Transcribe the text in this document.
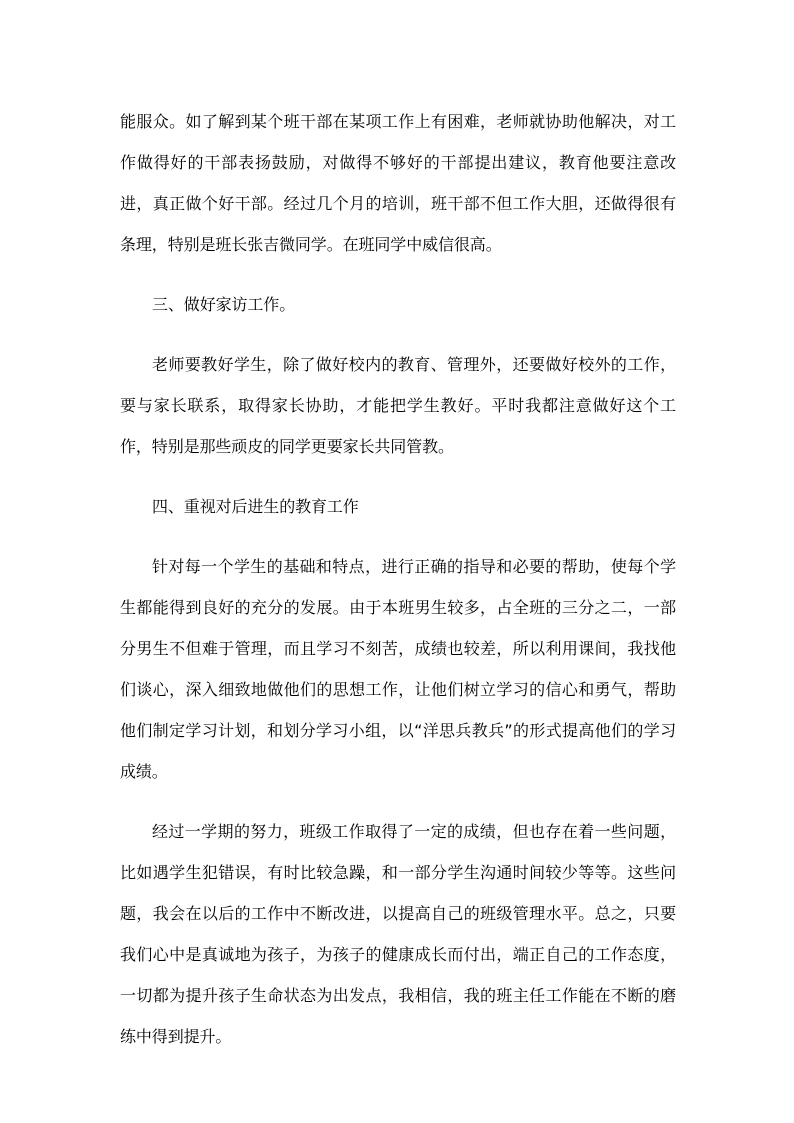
能服众。如了解到某个班干部在某项工作上有困难，老师就协助他解决，对工作做得好的干部表扬鼓励，对做得不够好的干部提出建议，教育他要注意改进，真正做个好干部。经过几个月的培训，班干部不但工作大胆，还做得很有条理，特别是班长张吉微同学。在班同学中威信很高。

三、做好家访工作。

老师要教好学生，除了做好校内的教育、管理外，还要做好校外的工作，要与家长联系，取得家长协助，才能把学生教好。平时我都注意做好这个工作，特别是那些顽皮的同学更要家长共同管教。

四、重视对后进生的教育工作

针对每一个学生的基础和特点，进行正确的指导和必要的帮助，使每个学生都能得到良好的充分的发展。由于本班男生较多，占全班的三分之二，一部分男生不但难于管理，而且学习不刻苦，成绩也较差，所以利用课间，我找他们谈心，深入细致地做他们的思想工作，让他们树立学习的信心和勇气，帮助他们制定学习计划，和划分学习小组，以“洋思兵教兵”的形式提高他们的学习成绩。

经过一学期的努力，班级工作取得了一定的成绩，但也存在着一些问题，比如遇学生犯错误，有时比较急躁，和一部分学生沟通时间较少等等。这些问题，我会在以后的工作中不断改进，以提高自己的班级管理水平。总之，只要我们心中是真诚地为孩子，为孩子的健康成长而付出，端正自己的工作态度，一切都为提升孩子生命状态为出发点，我相信，我的班主任工作能在不断的磨练中得到提升。
